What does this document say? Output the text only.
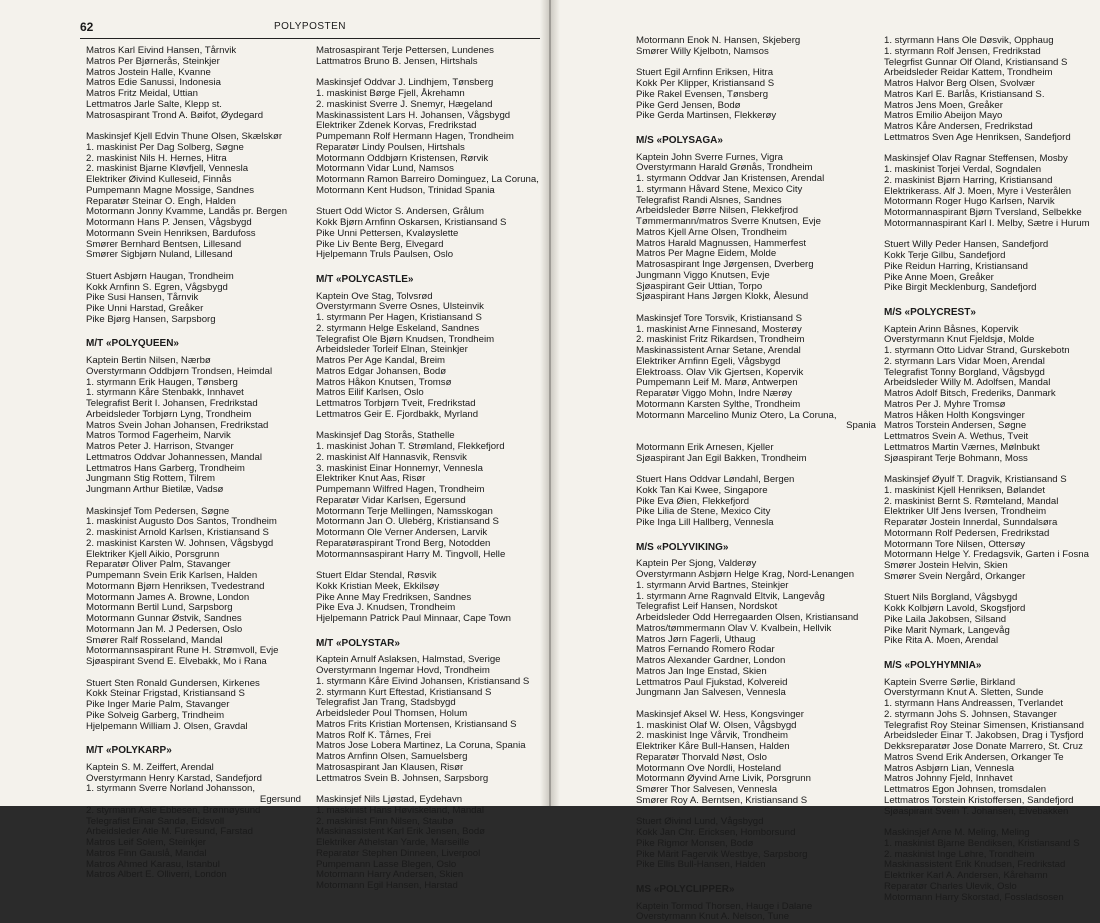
62	POLYPOSTEN
Matros Karl Eivind Hansen, Tårnvik
Matros Per Bjørnerås, Steinkjer
Matros Jostein Halle, Kvanne
Matros Edie Sanussi, Indonesia
Matros Fritz Meidal, Uttian
Lettmatros Jarle Salte, Klepp st.
Matrosaspirant Trond A. Bøifot, Øydegard
Maskinsjef Kjell Edvin Thune Olsen, Skælskør
1. maskinist Per Dag Solberg, Søgne
2. maskinist Nils H. Hernes, Hitra
2. maskinist Bjarne Kløvfjell, Vennesla
Elektriker Øivind Kulleseid, Finnås
Pumpemann Magne Mossige, Sandnes
Reparatør Steinar O. Engh, Halden
Motormann Jonny Kvamme, Landås pr. Bergen
Motormann Hans P. Jensen, Vågsbygd
Motormann Svein Henriksen, Bardufoss
Smører Bernhard Bentsen, Lillesand
Smører Sigbjørn Nuland, Lillesand
Stuert Asbjørn Haugan, Trondheim
Kokk Arnfinn S. Egren, Vågsbygd
Pike Susi Hansen, Tårnvik
Pike Unni Harstad, Greåker
Pike Bjørg Hansen, Sarpsborg
M/T «POLYQUEEN»
Kaptein Bertin Nilsen, Nærbø
Overstyrmann Oddbjørn Trondsen, Heimdal
1. styrmann Erik Haugen, Tønsberg
1. styrmann Kåre Stenbakk, Innhavet
Telegrafist Berit I. Johansen, Fredrikstad
Arbeidsleder Torbjørn Lyng, Trondheim
Matros Svein Johan Johansen, Fredrikstad
Matros Tormod Fagerheim, Narvik
Matros Peter J. Harrison, Stvanger
Lettmatros Oddvar Johannessen, Mandal
Lettmatros Hans Garberg, Trondheim
Jungmann Stig Rottem, Tilrem
Jungmann Arthur Bietilæ, Vadsø
Maskinsjef Tom Pedersen, Søgne
1. maskinist Augusto Dos Santos, Trondheim
2. maskinist Arnold Karlsen, Kristiansand S
2. maskinist Karsten W. Johnsen, Vågsbygd
Elektriker Kjell Aikio, Porsgrunn
Reparatør Oliver Palm, Stavanger
Pumpemann Svein Erik Karlsen, Halden
Motormann Bjørn Henriksen, Tvedestrand
Motormann James A. Browne, London
Motormann Bertil Lund, Sarpsborg
Motormann Gunnar Østvik, Sandnes
Motormann Jan M. J Pedersen, Oslo
Smører Ralf Rosseland, Mandal
Motormannsaspirant Rune H. Strømvoll, Evje
Sjøaspirant Svend E. Elvebakk, Mo i Rana
Stuert Sten Ronald Gundersen, Kirkenes
Kokk Steinar Frigstad, Kristiansand S
Pike Inger Marie Palm, Stavanger
Pike Solveig Garberg, Trindheim
Hjelpemann William J. Olsen, Gravdal
M/T «POLYKARP»
Kaptein S. M. Zeiffert, Arendal
Overstyrmann Henry Karstad, Sandefjord
1. styrmann Sverre Norland Johansson,
Egersund
2. styrmann Asle Ebbesen, Brønnøysund
Telegrafist Einar Sandø, Eidsvoll
Arbeidsleder Atle M. Furesund, Farstad
Matros Leif Solem, Steinkjer
Matros Finn Gauslå, Mandal
Matros Ahmed Karasu, Istanbul
Matros Albert E. Olliverri, London
Matrosaspirant Terje Pettersen, Lundenes
Lattmatros Bruno B. Jensen, Hirtshals
Maskinsjef Oddvar J. Lindhjem, Tønsberg
1. maskinist Børge Fjell, Åkrehamn
2. maskinist Sverre J. Snemyr, Hægeland
Maskinassistent Lars H. Johansen, Vågsbygd
Elektriker Zdenek Korvas, Fredrikstad
Pumpemann Rolf Hermann Hagen, Trondheim
Reparatør Lindy Poulsen, Hirtshals
Motormann Oddbjørn Kristensen, Rørvik
Motormann Vidar Lund, Namsos
Motormann Ramon Barreiro Dominguez, La Coruna,
Motormann Kent Hudson, Trinidad Spania
Stuert Odd Wictor S. Andersen, Grålum
Kokk Bjørn Arnfinn Oskarsen, Kristiansand S
Pike Unni Pettersen, Kvaløyslette
Pike Liv Bente Berg, Elvegard
Hjelpemann Truls Paulsen, Oslo
M/T «POLYCASTLE»
Kaptein Ove Stag, Tolvsrød
Overstyrmann Sverre Osnes, Ulsteinvik
1. styrmann Per Hagen, Kristiansand S
2. styrmann Helge Eskeland, Sandnes
Telegrafist Ole Bjørn Knudsen, Trondheim
Arbeidsleder Torleif Elnan, Steinkjer
Matros Per Age Kandal, Breim
Matros Edgar Johansen, Bodø
Matros Håkon Knutsen, Tromsø
Matros Eilif Karlsen, Oslo
Lettmatros Torbjørn Tveit, Fredrikstad
Lettmatros Geir E. Fjordbakk, Myrland
Maskinsjef Dag Storås, Stathelle
1. maskinist Johan T. Strømland, Flekkefjord
2. maskinist Alf Hannasvik, Rensvik
3. maskinist Einar Honnemyr, Vennesla
Elektriker Knut Aas, Risør
Pumpemann Wilfred Hagen, Trondheim
Reparatør Vidar Karlsen, Egersund
Motormann Terje Mellingen, Namsskogan
Motormann Jan O. Ulebérg, Kristiansand S
Motormann Ole Verner Andersen, Larvik
Reparatøraspirant Trond Berg, Notodden
Motormannsaspirant Harry M. Tingvoll, Helle
Stuert Eldar Stendal, Røsvik
Kokk Kristian Meek, Ekkilsøy
Pike Anne May Fredriksen, Sandnes
Pike Eva J. Knudsen, Trondheim
Hjelpemann Patrick Paul Minnaar, Cape Town
M/T «POLYSTAR»
Kaptein Arnulf Aslaksen, Halmstad, Sverige
Overstyrmann Ingemar Hovd, Trondheim
1. styrmann Kåre Eivind Johansen, Kristiansand S
2. styrmann Kurt Eftestad, Kristiansand S
Telegrafist Jan Trang, Stadsbygd
Arbeidsleder Poul Thomsen, Holum
Matros Frits Kristian Mortensen, Kristiansand S
Matros Rolf K. Tårnes, Frei
Matros Jose Lobera Martinez, La Coruna, Spania
Matros Arnfinn Olsen, Samuelsberg
Matrosaspirant Jan Klausen, Risør
Lettmatros Svein B. Johnsen, Sarpsborg
Maskinsjef Nils Ljøstad, Eydehavn
1. maskinist Hans Høviskeland, Mandal
2. maskinist Finn Nilsen, Staubø
Maskinassistent Karl Erik Jensen, Bodø
Elektriker Athelstan Yarde, Marseille
Reparatør Stephen Dinneen, Liverpool
Pumpemann Lasse Blegen, Oslo
Motormann Harry Andersen, Skien
Motormann Egil Hansen, Harstad
Motormann Enok N. Hansen, Skjeberg
Smører Willy Kjelbotn, Namsos
Stuert Egil Arnfinn Eriksen, Hitra
Kokk Per Klipper, Kristiansand S
Pike Rakel Evensen, Tønsberg
Pike Gerd Jensen, Bodø
Pike Gerda Martinsen, Flekkerøy
M/S «POLYSAGA»
Kaptein John Sverre Furnes, Vigra
Overstyrmann Harald Grønås, Trondheim
1. styrmann Oddvar Jan Kristensen, Arendal
1. styrmann Håvard Stene, Mexico City
Telegrafist Randi Alsnes, Sandnes
Arbeidsleder Børre Nilsen, Flekkefjrod
Tømmermann/matros Sverre Knutsen, Evje
Matros Kjell Arne Olsen, Trondheim
Matros Harald Magnussen, Hammerfest
Matros Per Magne Eidem, Molde
Matrosaspirant Inge Jørgensen, Dverberg
Jungmann Viggo Knutsen, Evje
Sjøaspirant Geir Uttian, Torpo
Sjøaspirant Hans Jørgen Klokk, Ålesund
Maskinsjef Tore Torsvik, Kristiansand S
1. maskinist Arne Finnesand, Mosterøy
2. maskinist Fritz Rikardsen, Trondheim
Maskinassistent Arnar Setane, Arendal
Elektriker Arnfinn Egeli, Vågsbygd
Elektroass. Olav Vik Gjertsen, Kopervik
Pumpemann Leif M. Marø, Antwerpen
Reparatør Viggo Mohn, Indre Nærøy
Motormann Karsten Sylthe, Trondheim
Motormann Marcelino Muniz Otero, La Coruna,
Spania
Motormann Erik Arnesen, Kjeller
Sjøaspirant Jan Egil Bakken, Trondheim
Stuert Hans Oddvar Løndahl, Bergen
Kokk Tan Kai Kwee, Singapore
Pike Eva Øien, Flekkefjord
Pike Lilia de Stene, Mexico City
Pike Inga Lill Hallberg, Vennesla
M/S «POLYVIKING»
Kaptein Per Sjong, Valderøy
Overstyrmann Asbjørn Helge Krag, Nord-Lenangen
1. styrmann Arvid Bartnes, Steinkjer
1. styrmann Arne Ragnvald Eltvik, Langevåg
Telegrafist Leif Hansen, Nordskot
Arbeidsleder Odd Herregaarden Olsen, Kristiansand
Matros/tømmermann Olav V. Kvalbein, Hellvik
Matros Jørn Fagerli, Uthaug
Matros Fernando Romero Rodar
Matros Alexander Gardner, London
Matros Jan Inge Enstad, Skien
Lettmatros Paul Fjukstad, Kolvereid
Jungmann Jan Salvesen, Vennesla
Maskinsjef Aksel W. Hess, Kongsvinger
1. maskinist Olaf W. Olsen, Vågsbygd
2. maskinist Inge Vårvik, Trondheim
Elektriker Kåre Bull-Hansen, Halden
Reparatør Thorvald Nøst, Oslo
Motormann Ove Nordli, Hosteland
Motormann Øyvind Arne Livik, Porsgrunn
Smører Thor Salvesen, Vennesla
Smører Roy A. Berntsen, Kristiansand S
Stuert Øivind Lund, Vågsbygd
Kokk Jan Chr. Ericksen, Homborsund
Pike Rigmor Monsen, Bodø
Pike Märit Fagervik Westbye, Sarpsborg
Pike Ellis Bull-Hansen, Halden
MS «POLYCLIPPER»
Kaptein Tormod Thorsen, Hauge i Dalane
Overstyrmann Knut A. Nelson, Tune
1. styrmann Hans Ole Døsvik, Opphaug
1. styrmann Rolf Jensen, Fredrikstad
Telegrfist Gunnar Olf Oland, Kristiansand S
Arbeidsleder Reidar Kattem, Trondheim
Matros Halvor Berg Olsen, Svolvær
Matros Karl E. Barlås, Kristiansand S.
Matros Jens Moen, Greåker
Matros Emilio Abeijon Mayo
Matros Kåre Andersen, Fredrikstad
Lettmatros Sven Age Henriksen, Sandefjord
Maskinsjef Olav Ragnar Steffensen, Mosby
1. maskinist Torjei Verdal, Sogndalen
2. maskinist Bjørn Harring, Kristiansand
Elektrikerass. Alf J. Moen, Myre i Vesterålen
Motormann Roger Hugo Karlsen, Narvik
Motormannaspirant Bjørn Tversland, Selbekke
Motormannaspirant Karl I. Melby, Sætre i Hurum
Stuert Willy Peder Hansen, Sandefjord
Kokk Terje Gilbu, Sandefjord
Pike Reidun Harring, Kristiansand
Pike Anne Moen, Greåker
Pike Birgit Mecklenburg, Sandefjord
M/S «POLYCREST»
Kaptein Arinn Båsnes, Kopervik
Overstyrmann Knut Fjeldsjø, Molde
1. styrmann Otto Lidvar Strand, Gurskebotn
2. styrmann Lars Vidar Moen, Arendal
Telegrafist Tonny Borgland, Vågsbygd
Arbeidsleder Willy M. Adolfsen, Mandal
Matros Adolf Bitsch, Frederiks, Danmark
Matros Per J. Myhre Tromsø
Matros Håken Holth Kongsvinger
Matros Torstein Andersen, Søgne
Lettmatros Svein A. Wethus, Tveit
Lettmatros Martin Værnes, Mølnbukt
Sjøaspirant Terje Bohmann, Moss
Maskinsjef Øyulf T. Dragvik, Kristiansand S
1. maskinist Kjell Henriksen, Bølandet
2. maskinist Bernt S. Rømteland, Mandal
Elektriker Ulf Jens Iversen, Trondheim
Reparatør Jostein Innerdal, Sunndalsøra
Motormann Rolf Pedersen, Fredrikstad
Motormann Tore Nilsen, Ottersøy
Motormann Helge Y. Fredagsvik, Garten i Fosna
Smører Jostein Helvin, Skien
Smører Svein Nergård, Orkanger
Stuert Nils Borgland, Vågsbygd
Kokk Kolbjørn Lavold, Skogsfjord
Pike Laila Jakobsen, Silsand
Pike Marit Nymark, Langevåg
Pike Rita A. Moen, Arendal
M/S «POLYHYMNIA»
Kaptein Sverre Sørlie, Birkland
Overstyrmann Knut A. Sletten, Sunde
1. styrmann Hans Andreassen, Tverlandet
2. styrmann Johs S. Johnsen, Stavanger
Telegrafist Roy Steinar Simensen, Kristiansand
Arbeidsleder Einar T. Jakobsen, Drag i Tysfjord
Dekksreparatør Jose Donate Marrero, St. Cruz
Matros Svend Erik Andersen, Orkanger Te
Matros Asbjørn Lian, Vennesla
Matros Johnny Fjeld, Innhavet
Lettmatros Egon Johnsen, tromsdalen
Lettmatros Torstein Kristoffersen, Sandefjord
Sjøaspirant Svein T. Johansen, Elvebakken
Maskinsjef Arne M. Meling, Meling
1. maskinist Bjarne Bendiksen, Kristiansand S
2. maskinist Inge Løhre, Trondheim
Maskinassistent Erik Knudsen, Fredrikstad
Elektriker Karl A. Andersen, Kårehamn
Reparatør Charles Ulevik, Oslo
Motormann Harry Skorstad, Fossladsosen
